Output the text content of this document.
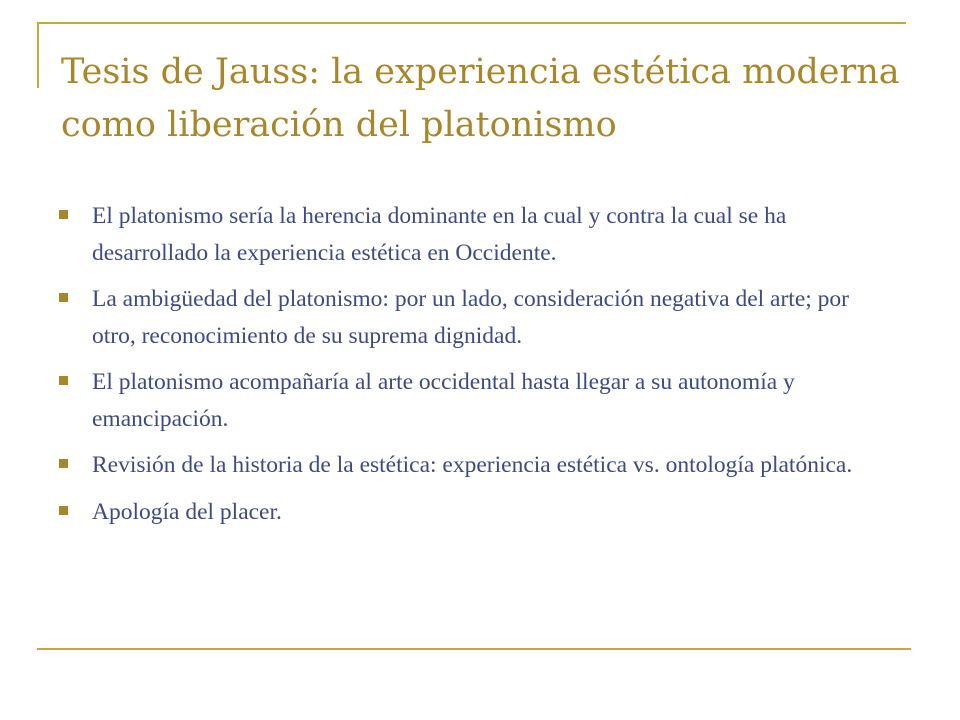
Tesis de Jauss: la experiencia estética moderna como liberación del platonismo
El platonismo sería la herencia dominante en la cual y contra la cual se ha desarrollado la experiencia estética en Occidente.
La ambigüedad del platonismo: por un lado, consideración negativa del arte; por otro, reconocimiento de su suprema dignidad.
El platonismo acompañaría al arte occidental hasta llegar a su autonomía y emancipación.
Revisión de la historia de la estética: experiencia estética vs. ontología platónica.
Apología del placer.
